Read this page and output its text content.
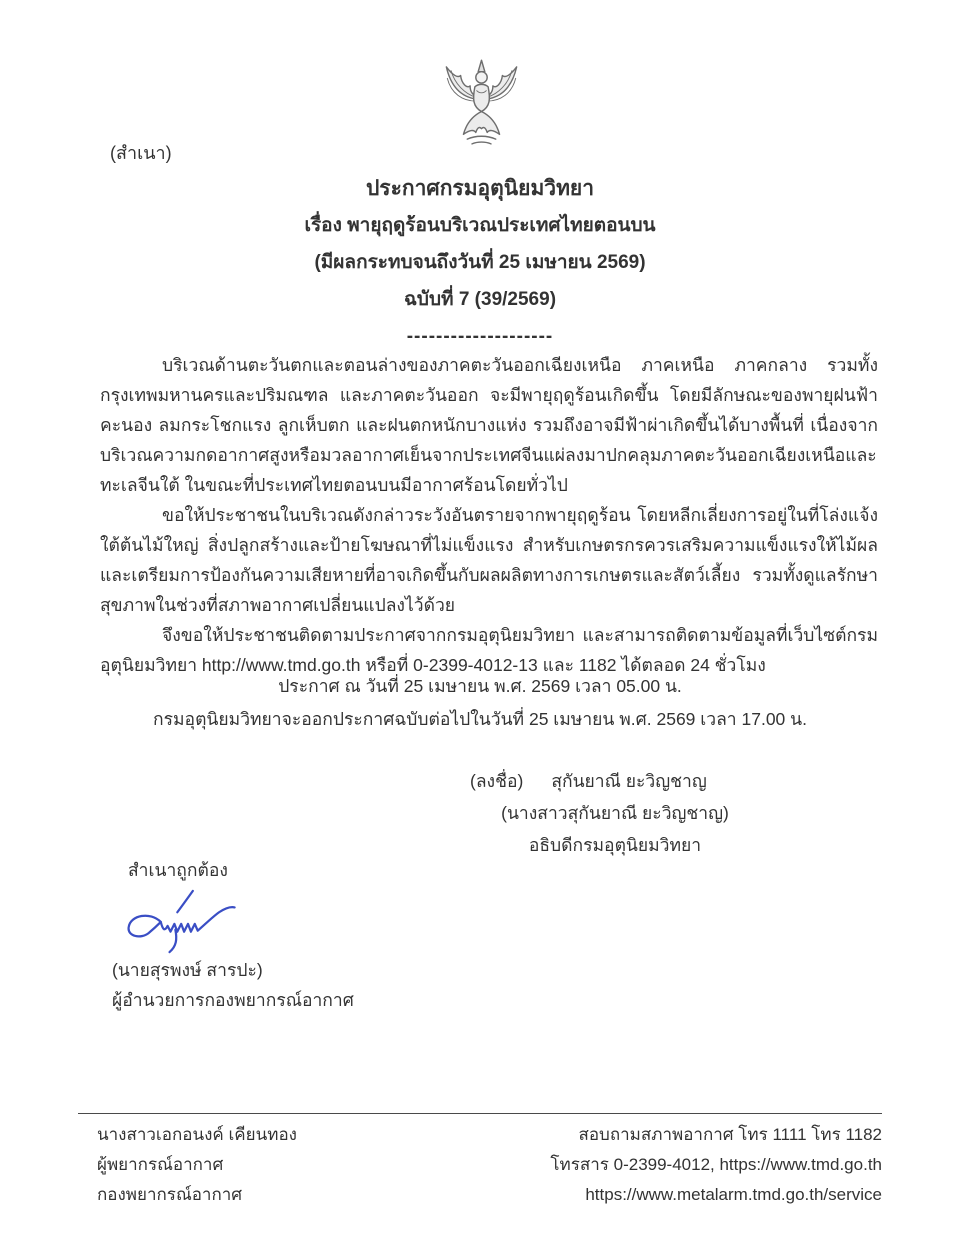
(สำเนา)

ประกาศกรมอุตุนิยมวิทยา

เรื่อง พายุฤดูร้อนบริเวณประเทศไทยตอนบน

(มีผลกระทบจนถึงวันที่ 25 เมษายน 2569)

ฉบับที่ 7 (39/2569)

--------------------

บริเวณด้านตะวันตกและตอนล่างของภาคตะวันออกเฉียงเหนือ ภาคเหนือ ภาคกลาง รวมทั้งกรุงเทพมหานครและปริมณฑล และภาคตะวันออก จะมีพายุฤดูร้อนเกิดขึ้น โดยมีลักษณะของพายุฝนฟ้าคะนอง ลมกระโชกแรง ลูกเห็บตก และฝนตกหนักบางแห่ง รวมถึงอาจมีฟ้าผ่าเกิดขึ้นได้บางพื้นที่ เนื่องจากบริเวณความกดอากาศสูงหรือมวลอากาศเย็นจากประเทศจีนแผ่ลงมาปกคลุมภาคตะวันออกเฉียงเหนือและทะเลจีนใต้ ในขณะที่ประเทศไทยตอนบนมีอากาศร้อนโดยทั่วไป

ขอให้ประชาชนในบริเวณดังกล่าวระวังอันตรายจากพายุฤดูร้อน โดยหลีกเลี่ยงการอยู่ในที่โล่งแจ้ง ใต้ต้นไม้ใหญ่ สิ่งปลูกสร้างและป้ายโฆษณาที่ไม่แข็งแรง สำหรับเกษตรกรควรเสริมความแข็งแรงให้ไม้ผล และเตรียมการป้องกันความเสียหายที่อาจเกิดขึ้นกับผลผลิตทางการเกษตรและสัตว์เลี้ยง รวมทั้งดูแลรักษาสุขภาพในช่วงที่สภาพอากาศเปลี่ยนแปลงไว้ด้วย

จึงขอให้ประชาชนติดตามประกาศจากกรมอุตุนิยมวิทยา และสามารถติดตามข้อมูลที่เว็บไซต์กรมอุตุนิยมวิทยา http://www.tmd.go.th หรือที่ 0-2399-4012-13 และ 1182 ได้ตลอด 24 ชั่วโมง

ประกาศ ณ วันที่ 25 เมษายน พ.ศ. 2569 เวลา 05.00 น.

กรมอุตุนิยมวิทยาจะออกประกาศฉบับต่อไปในวันที่ 25 เมษายน พ.ศ. 2569 เวลา 17.00 น.

(ลงชื่อ) สุกันยาณี ยะวิญชาญ

(นางสาวสุกันยาณี ยะวิญชาญ)

อธิบดีกรมอุตุนิยมวิทยา

สำเนาถูกต้อง
(นายสุรพงษ์ สารปะ)
ผู้อำนวยการกองพยากรณ์อากาศ

นางสาวเอกอนงค์ เคียนทอง

ผู้พยากรณ์อากาศ

กองพยากรณ์อากาศ

สอบถามสภาพอากาศ โทร 1111 โทร 1182

โทรสาร 0-2399-4012, https://www.tmd.go.th

https://www.metalarm.tmd.go.th/service
